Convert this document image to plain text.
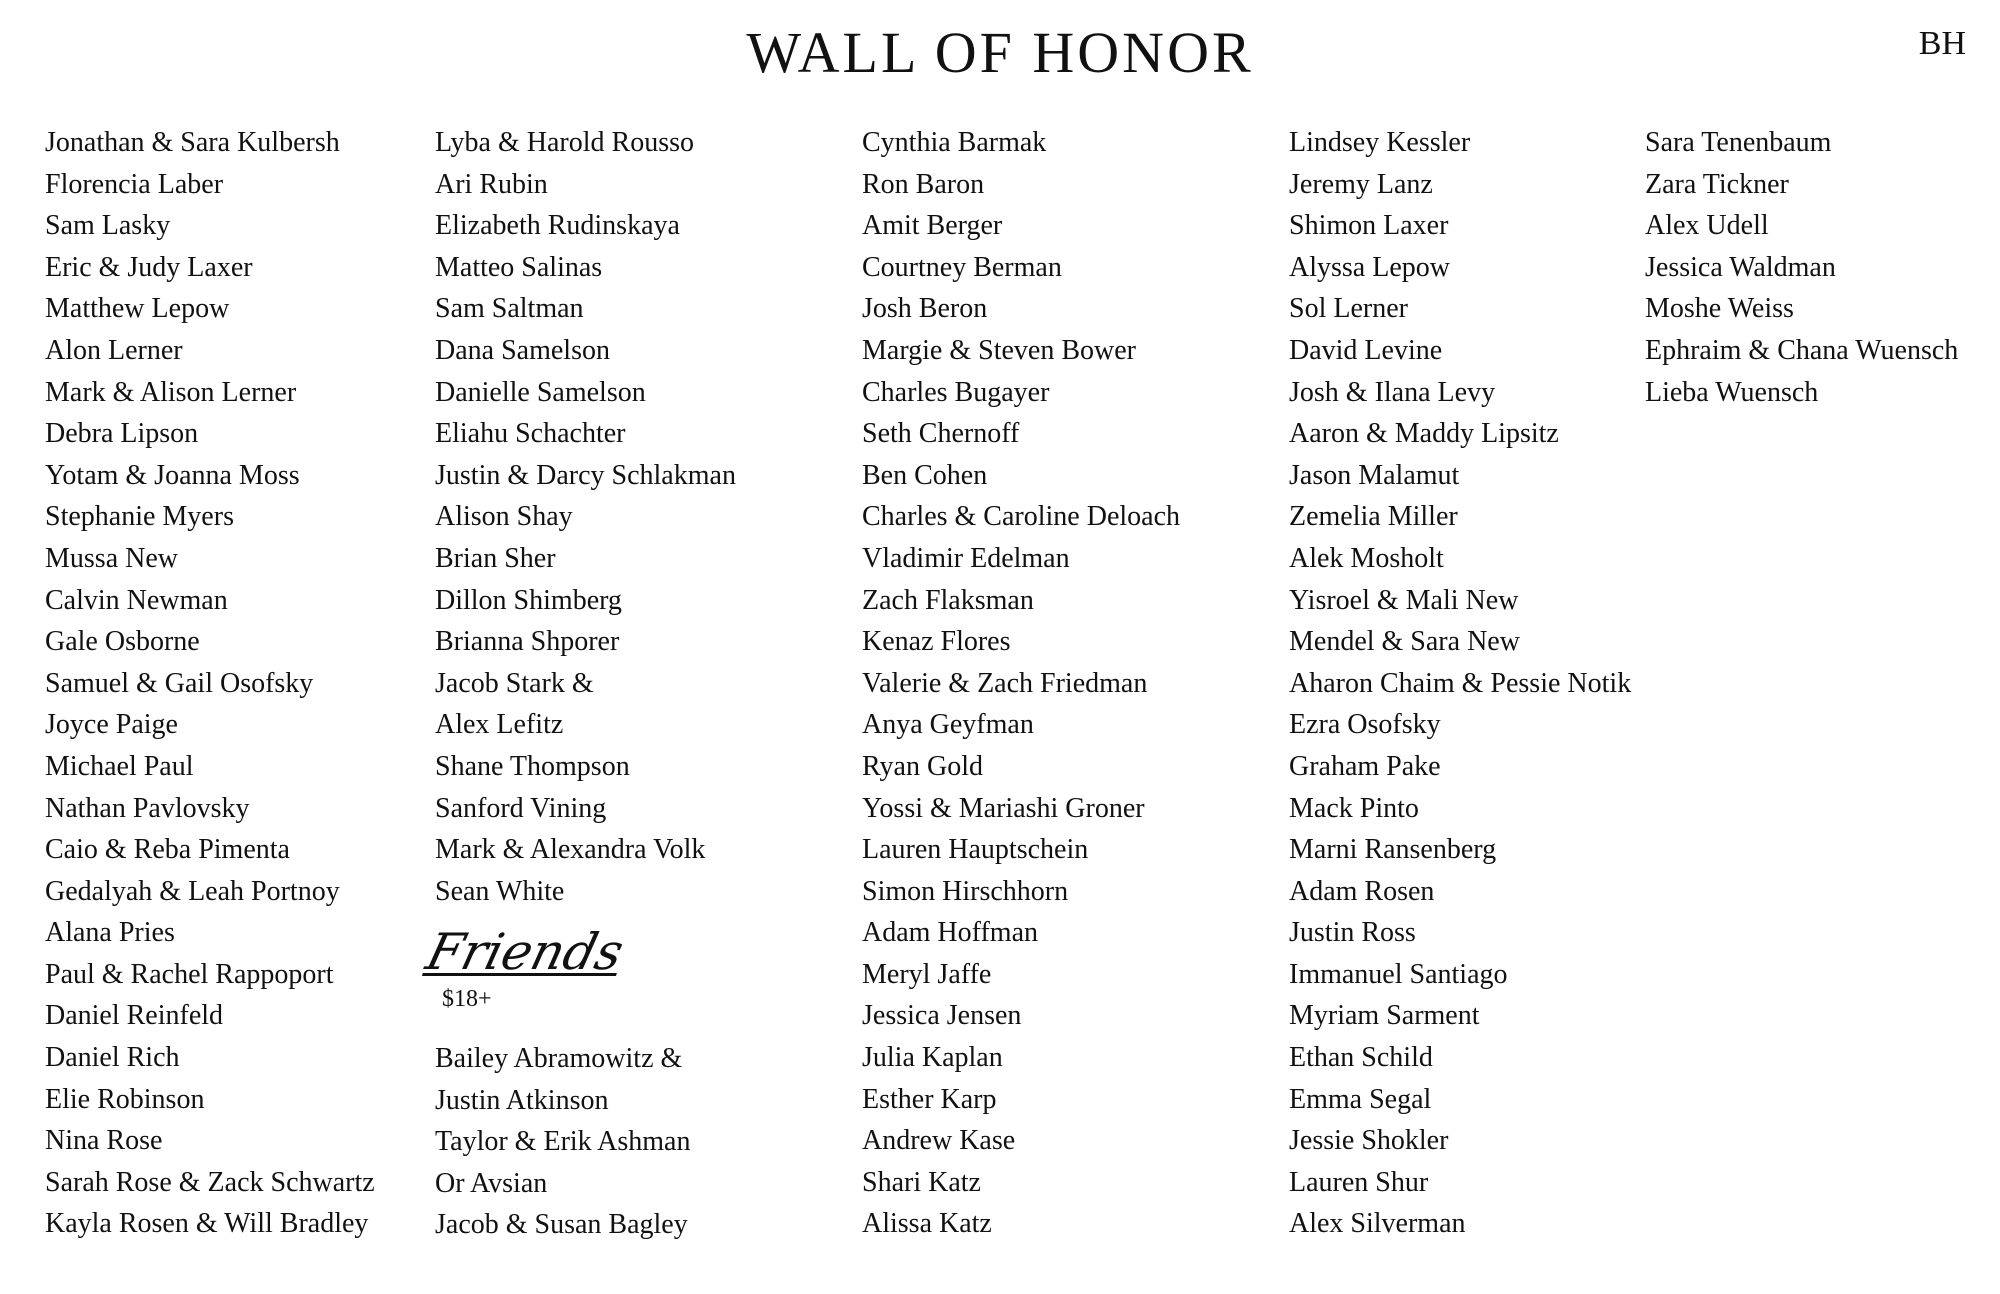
WALL OF HONOR	BH
Jonathan & Sara Kulbersh
Florencia Laber
Sam Lasky
Eric & Judy Laxer
Matthew Lepow
Alon Lerner
Mark & Alison Lerner
Debra Lipson
Yotam & Joanna Moss
Stephanie Myers
Mussa New
Calvin Newman
Gale Osborne
Samuel & Gail Osofsky
Joyce Paige
Michael Paul
Nathan Pavlovsky
Caio & Reba Pimenta
Gedalyah & Leah Portnoy
Alana Pries
Paul & Rachel Rappoport
Daniel Reinfeld
Daniel Rich
Elie Robinson
Nina Rose
Sarah Rose & Zack Schwartz
Kayla Rosen & Will Bradley
Lyba & Harold Rousso
Ari Rubin
Elizabeth Rudinskaya
Matteo Salinas
Sam Saltman
Dana Samelson
Danielle Samelson
Eliahu Schachter
Justin & Darcy Schlakman
Alison Shay
Brian Sher
Dillon Shimberg
Brianna Shporer
Jacob Stark &
Alex Lefitz
Shane Thompson
Sanford Vining
Mark & Alexandra Volk
Sean White
Cynthia Barmak
Ron Baron
Amit Berger
Courtney Berman
Josh Beron
Margie & Steven Bower
Charles Bugayer
Seth Chernoff
Ben Cohen
Charles & Caroline Deloach
Vladimir Edelman
Zach Flaksman
Kenaz Flores
Valerie & Zach Friedman
Anya Geyfman
Ryan Gold
Yossi & Mariashi Groner
Lauren Hauptschein
Simon Hirschhorn
Adam Hoffman
Meryl Jaffe
Jessica Jensen
Julia Kaplan
Esther Karp
Andrew Kase
Shari Katz
Alissa Katz
Lindsey Kessler
Jeremy Lanz
Shimon Laxer
Alyssa Lepow
Sol Lerner
David Levine
Josh & Ilana Levy
Aaron & Maddy Lipsitz
Jason Malamut
Zemelia Miller
Alek Mosholt
Yisroel & Mali New
Mendel & Sara New
Aharon Chaim & Pessie Notik
Ezra Osofsky
Graham Pake
Mack Pinto
Marni Ransenberg
Adam Rosen
Justin Ross
Immanuel Santiago
Myriam Sarment
Ethan Schild
Emma Segal
Jessie Shokler
Lauren Shur
Alex Silverman
Sara Tenenbaum
Zara Tickner
Alex Udell
Jessica Waldman
Moshe Weiss
Ephraim & Chana Wuensch
Lieba Wuensch
Friends
$18+
Bailey Abramowitz &
Justin Atkinson
Taylor & Erik Ashman
Or Avsian
Jacob & Susan Bagley
